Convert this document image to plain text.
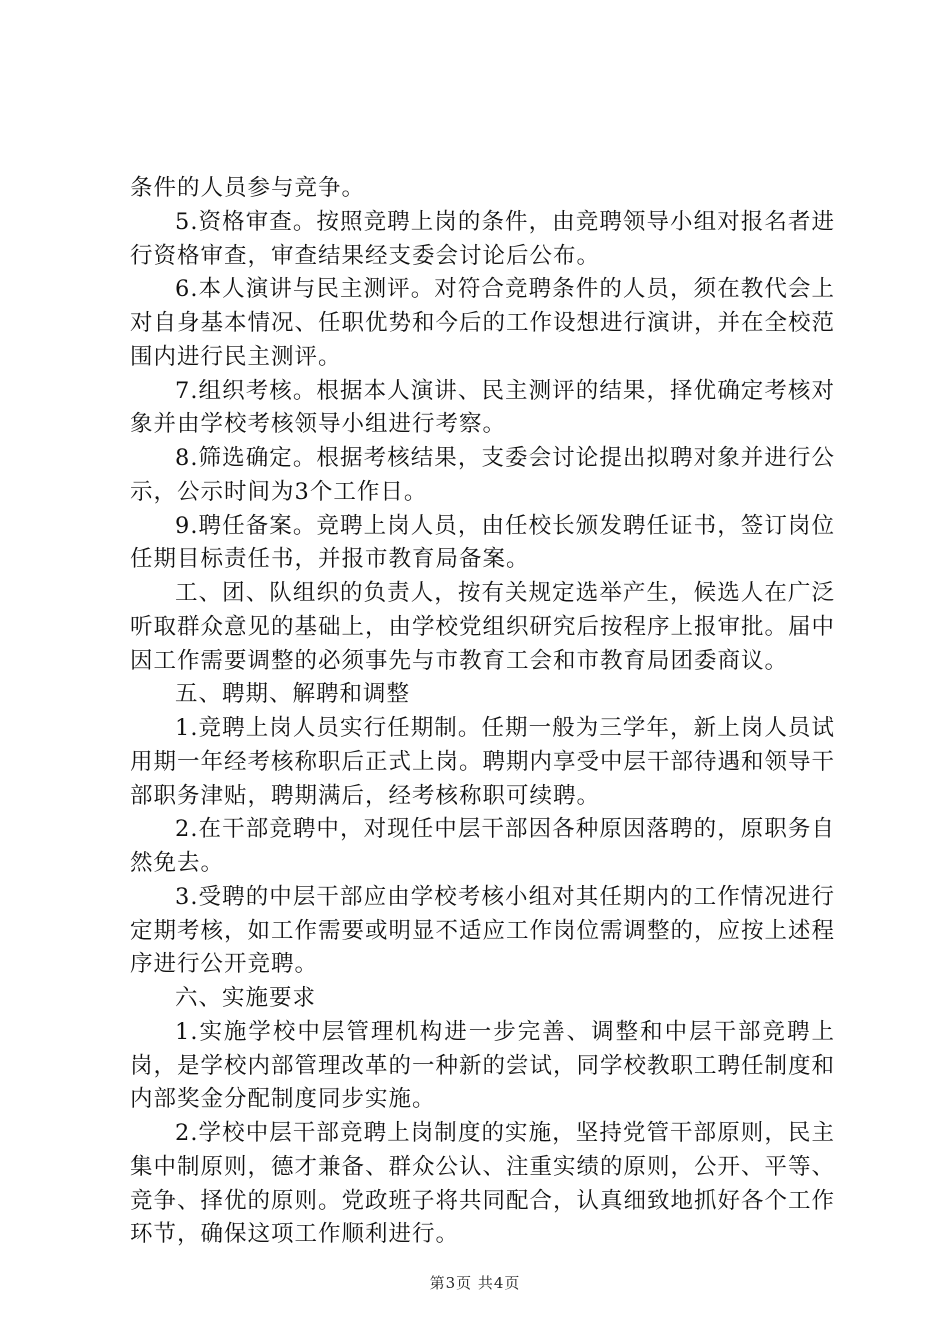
条件的人员参与竞争。

5.资格审查。按照竞聘上岗的条件，由竞聘领导小组对报名者进行资格审查，审查结果经支委会讨论后公布。

6.本人演讲与民主测评。对符合竞聘条件的人员，须在教代会上对自身基本情况、任职优势和今后的工作设想进行演讲，并在全校范围内进行民主测评。

7.组织考核。根据本人演讲、民主测评的结果，择优确定考核对象并由学校考核领导小组进行考察。

8.筛选确定。根据考核结果，支委会讨论提出拟聘对象并进行公示，公示时间为3个工作日。

9.聘任备案。竞聘上岗人员，由任校长颁发聘任证书，签订岗位任期目标责任书，并报市教育局备案。

工、团、队组织的负责人，按有关规定选举产生，候选人在广泛听取群众意见的基础上，由学校党组织研究后按程序上报审批。届中因工作需要调整的必须事先与市教育工会和市教育局团委商议。

五、聘期、解聘和调整

1.竞聘上岗人员实行任期制。任期一般为三学年，新上岗人员试用期一年经考核称职后正式上岗。聘期内享受中层干部待遇和领导干部职务津贴，聘期满后，经考核称职可续聘。

2.在干部竞聘中，对现任中层干部因各种原因落聘的，原职务自然免去。

3.受聘的中层干部应由学校考核小组对其任期内的工作情况进行定期考核，如工作需要或明显不适应工作岗位需调整的，应按上述程序进行公开竞聘。

六、实施要求

1.实施学校中层管理机构进一步完善、调整和中层干部竞聘上岗，是学校内部管理改革的一种新的尝试，同学校教职工聘任制度和内部奖金分配制度同步实施。

2.学校中层干部竞聘上岗制度的实施，坚持党管干部原则，民主集中制原则，德才兼备、群众公认、注重实绩的原则，公开、平等、竞争、择优的原则。党政班子将共同配合，认真细致地抓好各个工作环节，确保这项工作顺利进行。

第3页 共4页
